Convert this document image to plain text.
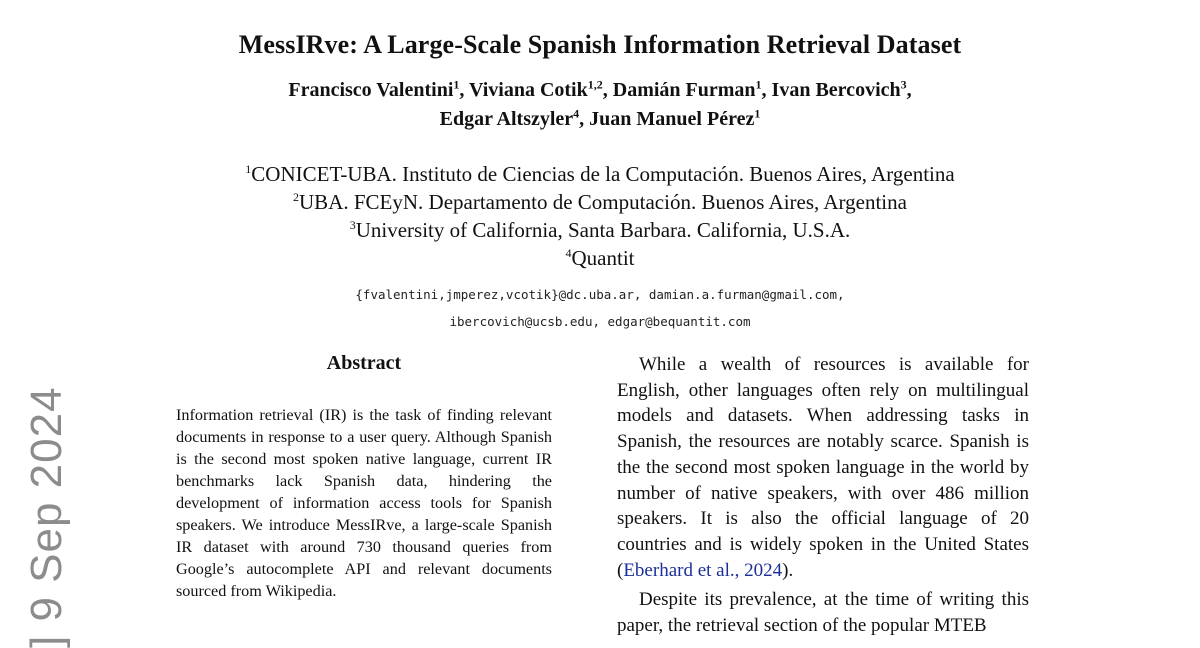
MessIRve: A Large-Scale Spanish Information Retrieval Dataset
Francisco Valentini$^1$, Viviana Cotik$^{1,2}$, Damián Furman$^1$, Ivan Bercovich$^3$,
Edgar Altszyler$^4$, Juan Manuel Pérez$^1$
$^1$CONICET-UBA. Instituto de Ciencias de la Computación. Buenos Aires, Argentina
$^2$UBA. FCEyN. Departamento de Computación. Buenos Aires, Argentina
$^3$University of California, Santa Barbara. California, U.S.A.
$^4$Quantit
{fvalentini,jmperez,vcotik}@dc.uba.ar, damian.a.furman@gmail.com,
ibercovich@ucsb.edu, edgar@bequantit.com
Abstract

Information retrieval (IR) is the task of finding relevant documents in response to a user query. Although Spanish is the second most spoken native language, current IR benchmarks lack Spanish data, hindering the development of information access tools for Spanish speakers. We introduce MessIRve, a large-scale Spanish IR dataset with around 730 thousand queries from Google’s autocomplete API and relevant documents sourced from Wikipedia.

While a wealth of resources is available for English, other languages often rely on multilingual models and datasets. When addressing tasks in Spanish, the resources are notably scarce. Spanish is the the second most spoken language in the world by number of native speakers, with over 486 million speakers. It is also the official language of 20 countries and is widely spoken in the United States (Eberhard et al., 2024).

Despite its prevalence, at the time of writing this paper, the retrieval section of the popular MTEB

] 9 Sep 2024
